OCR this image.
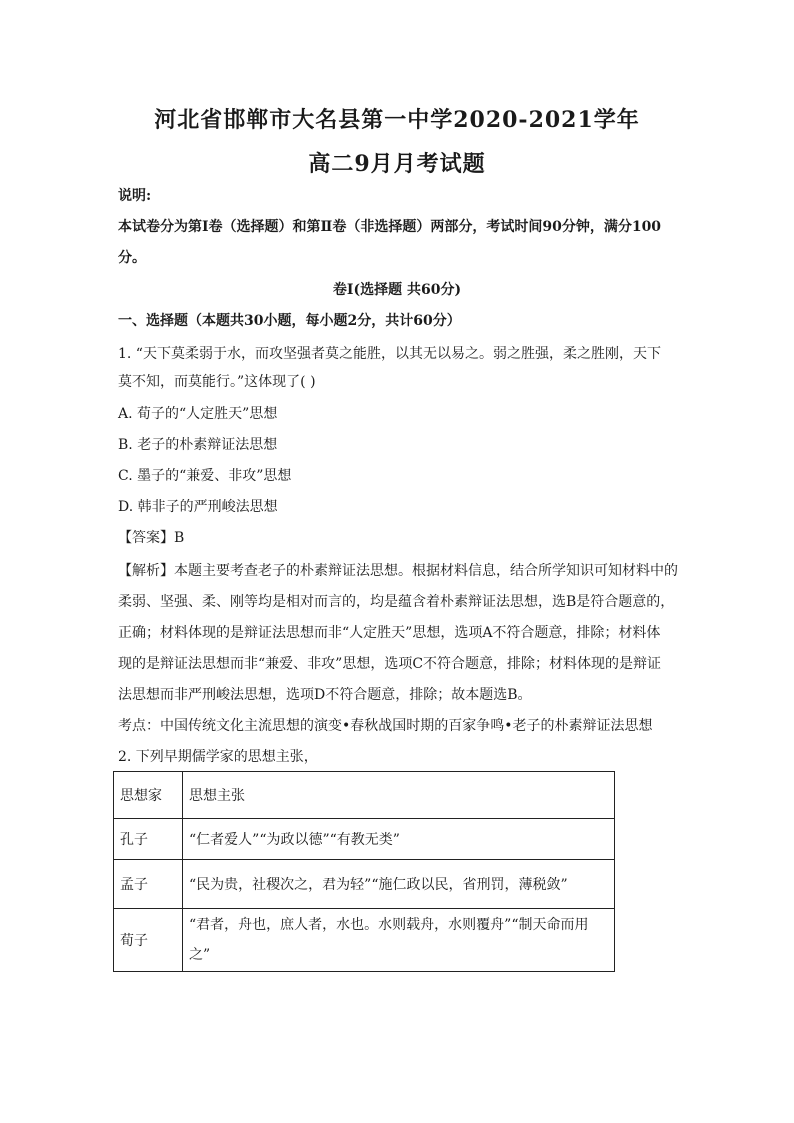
河北省邯郸市大名县第一中学2020-2021学年
高二9月月考试题
说明:
本试卷分为第Ⅰ卷（选择题）和第Ⅱ卷（非选择题）两部分，考试时间90分钟，满分100
分。
卷Ⅰ(选择题 共60分)
一、选择题（本题共30小题，每小题2分，共计60分）
1. “天下莫柔弱于水，而攻坚强者莫之能胜，以其无以易之。弱之胜强，柔之胜刚，天下
莫不知，而莫能行。”这体现了( )
A. 荀子的“人定胜天”思想
B. 老子的朴素辩证法思想
C. 墨子的“兼爱、非攻”思想
D. 韩非子的严刑峻法思想
【答案】B
【解析】本题主要考查老子的朴素辩证法思想。根据材料信息，结合所学知识可知材料中的
柔弱、坚强、柔、刚等均是相对而言的，均是蕴含着朴素辩证法思想，选B是符合题意的，
正确；材料体现的是辩证法思想而非“人定胜天”思想，选项A不符合题意，排除；材料体
现的是辩证法思想而非“兼爱、非攻”思想，选项C不符合题意，排除；材料体现的是辩证
法思想而非严刑峻法思想，选项D不符合题意，排除；故本题选B。
考点：中国传统文化主流思想的演变•春秋战国时期的百家争鸣•老子的朴素辩证法思想
2. 下列早期儒学家的思想主张，
思想家	思想主张
孔子	“仁者爱人”“为政以德”“有教无类”
孟子	“民为贵，社稷次之，君为轻”“施仁政以民，省刑罚，薄税敛”
荀子	“君者，舟也，庶人者，水也。水则载舟，水则覆舟”“制天命而用之”
